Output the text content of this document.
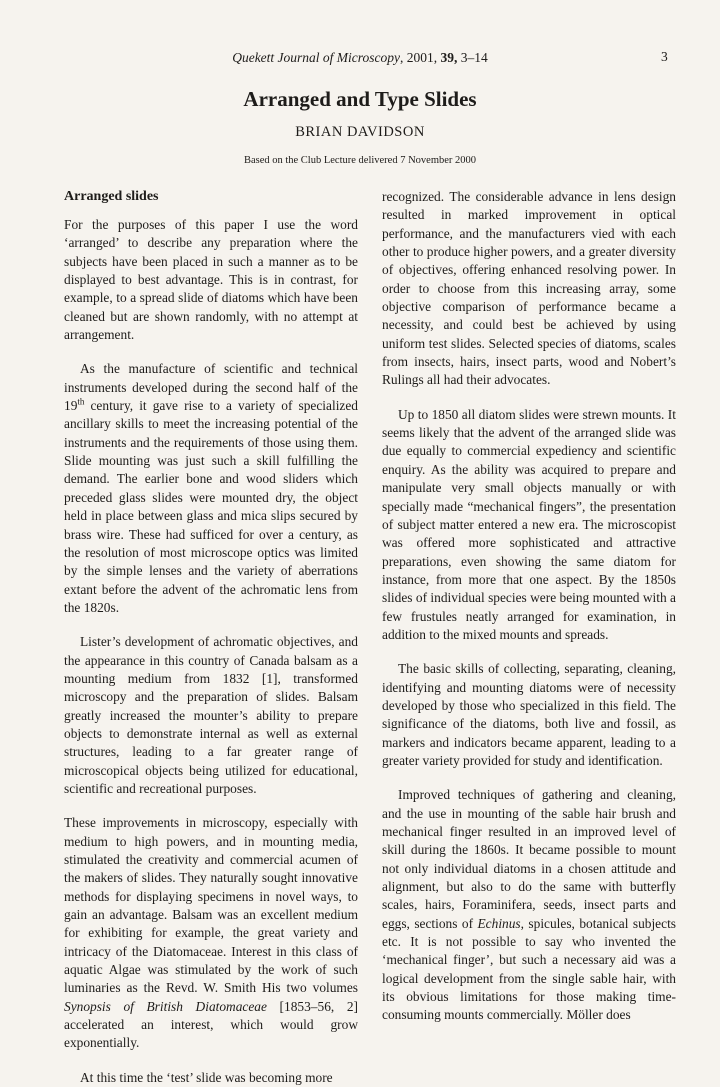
Quekett Journal of Microscopy, 2001, 39, 3–14	3
Arranged and Type Slides
BRIAN DAVIDSON
Based on the Club Lecture delivered 7 November 2000
Arranged slides

For the purposes of this paper I use the word ‘arranged’ to describe any preparation where the subjects have been placed in such a manner as to be displayed to best advantage. This is in contrast, for example, to a spread slide of diatoms which have been cleaned but are shown randomly, with no attempt at arrangement.

As the manufacture of scientific and technical instruments developed during the second half of the 19th century, it gave rise to a variety of specialized ancillary skills to meet the increasing potential of the instruments and the requirements of those using them. Slide mounting was just such a skill fulfilling the demand. The earlier bone and wood sliders which preceded glass slides were mounted dry, the object held in place between glass and mica slips secured by brass wire. These had sufficed for over a century, as the resolution of most microscope optics was limited by the simple lenses and the variety of aberrations extant before the advent of the achromatic lens from the 1820s.

Lister’s development of achromatic objectives, and the appearance in this country of Canada balsam as a mounting medium from 1832 [1], transformed microscopy and the preparation of slides. Balsam greatly increased the mounter’s ability to prepare objects to demonstrate internal as well as external structures, leading to a far greater range of microscopical objects being utilized for educational, scientific and recreational purposes.

These improvements in microscopy, especially with medium to high powers, and in mounting media, stimulated the creativity and commercial acumen of the makers of slides. They naturally sought innovative methods for displaying specimens in novel ways, to gain an advantage. Balsam was an excellent medium for exhibiting for example, the great variety and intricacy of the Diatomaceae. Interest in this class of aquatic Algae was stimulated by the work of such luminaries as the Revd. W. Smith His two volumes Synopsis of British Diatomaceae [1853–56, 2] accelerated an interest, which would grow exponentially.

At this time the ‘test’ slide was becoming more

recognized. The considerable advance in lens design resulted in marked improvement in optical performance, and the manufacturers vied with each other to produce higher powers, and a greater diversity of objectives, offering enhanced resolving power. In order to choose from this increasing array, some objective comparison of performance became a necessity, and could best be achieved by using uniform test slides. Selected species of diatoms, scales from insects, hairs, insect parts, wood and Nobert’s Rulings all had their advocates.

Up to 1850 all diatom slides were strewn mounts. It seems likely that the advent of the arranged slide was due equally to commercial expediency and scientific enquiry. As the ability was acquired to prepare and manipulate very small objects manually or with specially made “mechanical fingers”, the presentation of subject matter entered a new era. The microscopist was offered more sophisticated and attractive preparations, even showing the same diatom for instance, from more that one aspect. By the 1850s slides of individual species were being mounted with a few frustules neatly arranged for examination, in addition to the mixed mounts and spreads.

The basic skills of collecting, separating, cleaning, identifying and mounting diatoms were of necessity developed by those who specialized in this field. The significance of the diatoms, both live and fossil, as markers and indicators became apparent, leading to a greater variety provided for study and identification.

Improved techniques of gathering and cleaning, and the use in mounting of the sable hair brush and mechanical finger resulted in an improved level of skill during the 1860s. It became possible to mount not only individual diatoms in a chosen attitude and alignment, but also to do the same with butterfly scales, hairs, Foraminifera, seeds, insect parts and eggs, sections of Echinus, spicules, botanical subjects etc. It is not possible to say who invented the ‘mechanical finger’, but such a necessary aid was a logical development from the single sable hair, with its obvious limitations for those making time-consuming mounts commercially. Möller does
